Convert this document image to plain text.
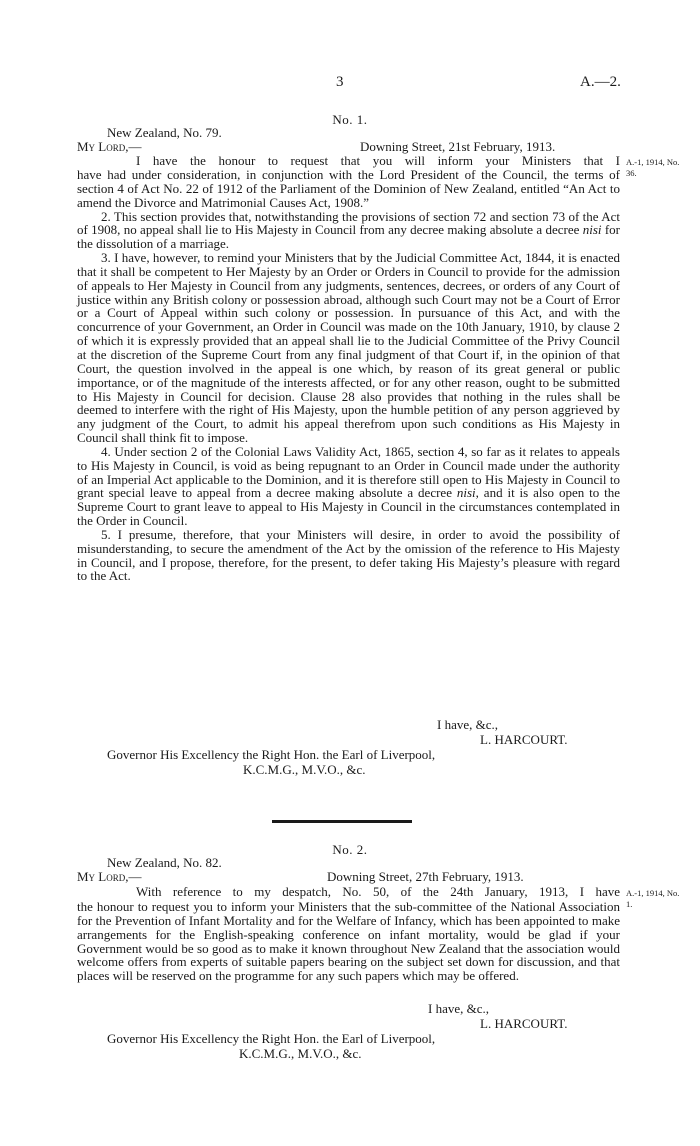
3	A.—2.
No. 1.
New Zealand, No. 79.
My Lord,—	Downing Street, 21st February, 1913.
I have the honour to request that you will inform your Ministers that I A.-1, 1914, No. 36.

have had under consideration, in conjunction with the Lord President of the Council, the terms of section 4 of Act No. 22 of 1912 of the Parliament of the Dominion of New Zealand, entitled “An Act to amend the Divorce and Matrimonial Causes Act, 1908.”

2. This section provides that, notwithstanding the provisions of section 72 and section 73 of the Act of 1908, no appeal shall lie to His Majesty in Council from any decree making absolute a decree nisi for the dissolution of a marriage.

3. I have, however, to remind your Ministers that by the Judicial Committee Act, 1844, it is enacted that it shall be competent to Her Majesty by an Order or Orders in Council to provide for the admission of appeals to Her Majesty in Council from any judgments, sentences, decrees, or orders of any Court of justice within any British colony or possession abroad, although such Court may not be a Court of Error or a Court of Appeal within such colony or possession. In pursuance of this Act, and with the concurrence of your Government, an Order in Council was made on the 10th January, 1910, by clause 2 of which it is expressly provided that an appeal shall lie to the Judicial Committee of the Privy Council at the discretion of the Supreme Court from any final judgment of that Court if, in the opinion of that Court, the question involved in the appeal is one which, by reason of its great general or public importance, or of the magnitude of the interests affected, or for any other reason, ought to be submitted to His Majesty in Council for decision. Clause 28 also provides that nothing in the rules shall be deemed to interfere with the right of His Majesty, upon the humble petition of any person aggrieved by any judgment of the Court, to admit his appeal therefrom upon such conditions as His Majesty in Council shall think fit to impose.

4. Under section 2 of the Colonial Laws Validity Act, 1865, section 4, so far as it relates to appeals to His Majesty in Council, is void as being repugnant to an Order in Council made under the authority of an Imperial Act applicable to the Dominion, and it is therefore still open to His Majesty in Council to grant special leave to appeal from a decree making absolute a decree nisi, and it is also open to the Supreme Court to grant leave to appeal to His Majesty in Council in the circumstances contemplated in the Order in Council.

5. I presume, therefore, that your Ministers will desire, in order to avoid the possibility of misunderstanding, to secure the amendment of the Act by the omission of the reference to His Majesty in Council, and I propose, therefore, for the present, to defer taking His Majesty’s pleasure with regard to the Act.

I have, &c.,
L. HARCOURT.
Governor His Excellency the Right Hon. the Earl of Liverpool,
K.C.M.G., M.V.O., &c.
No. 2.
New Zealand, No. 82.
My Lord,—	Downing Street, 27th February, 1913.
With reference to my despatch, No. 50, of the 24th January, 1913, I have A.-1, 1914, No. 1.

the honour to request you to inform your Ministers that the sub-committee of the National Association for the Prevention of Infant Mortality and for the Welfare of Infancy, which has been appointed to make arrangements for the English-speaking conference on infant mortality, would be glad if your Government would be so good as to make it known throughout New Zealand that the association would welcome offers from experts of suitable papers bearing on the subject set down for discussion, and that places will be reserved on the programme for any such papers which may be offered.

I have, &c.,
L. HARCOURT.
Governor His Excellency the Right Hon. the Earl of Liverpool,
K.C.M.G., M.V.O., &c.
